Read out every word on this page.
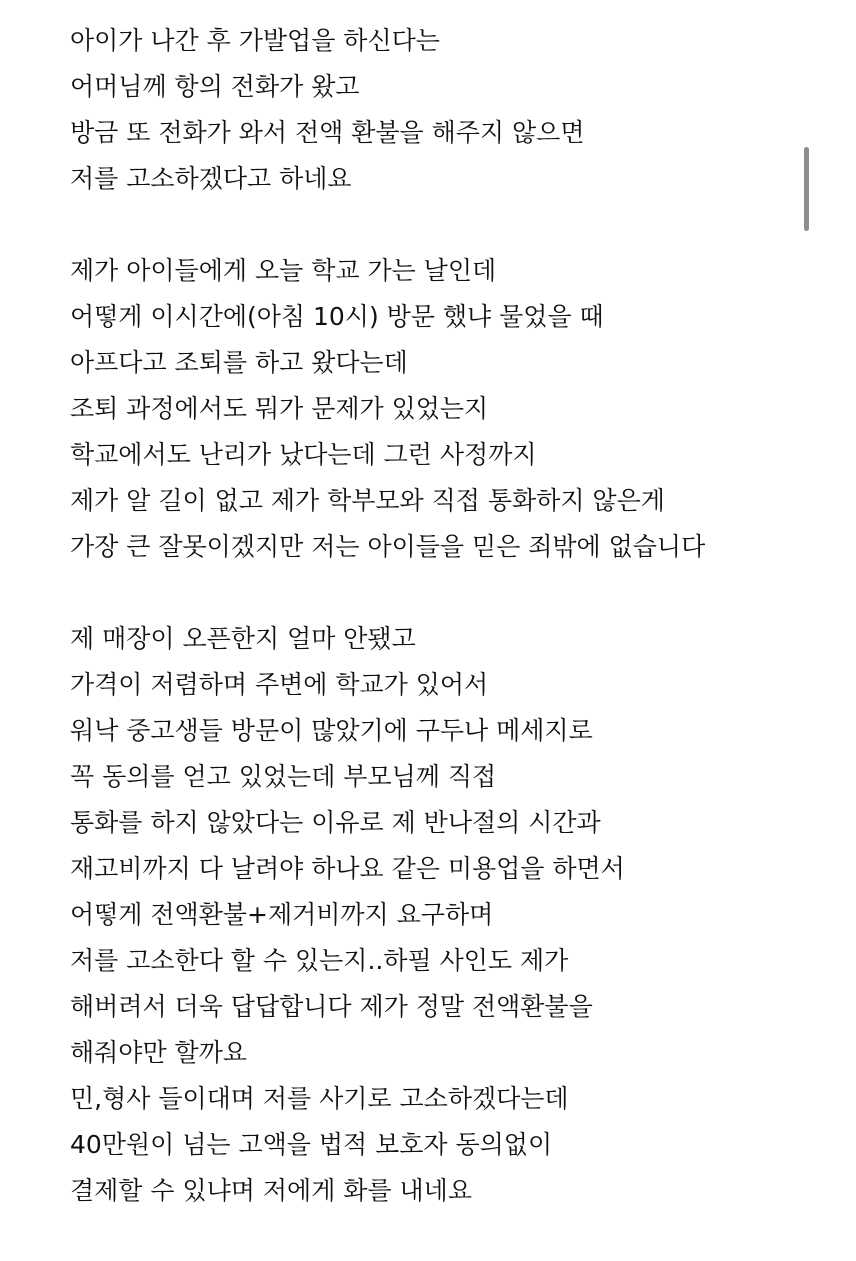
아이가 나간 후 가발업을 하신다는
어머님께 항의 전화가 왔고
방금 또 전화가 와서 전액 환불을 해주지 않으면
저를 고소하겠다고 하네요
제가 아이들에게 오늘 학교 가는 날인데
어떻게 이시간에(아침 10시) 방문 했냐 물었을 때
아프다고 조퇴를 하고 왔다는데
조퇴 과정에서도 뭐가 문제가 있었는지
학교에서도 난리가 났다는데 그런 사정까지
제가 알 길이 없고 제가 학부모와 직접 통화하지 않은게
가장 큰 잘못이겠지만 저는 아이들을 믿은 죄밖에 없습니다
제 매장이 오픈한지 얼마 안됐고
가격이 저렴하며 주변에 학교가 있어서
워낙 중고생들 방문이 많았기에 구두나 메세지로
꼭 동의를 얻고 있었는데 부모님께 직접
통화를 하지 않았다는 이유로 제 반나절의 시간과
재고비까지 다 날려야 하나요 같은 미용업을 하면서
어떻게 전액환불+제거비까지 요구하며
저를 고소한다 할 수 있는지..하필 사인도 제가
해버려서 더욱 답답합니다 제가 정말 전액환불을
해줘야만 할까요
민,형사 들이대며 저를 사기로 고소하겠다는데
40만원이 넘는 고액을 법적 보호자 동의없이
결제할 수 있냐며 저에게 화를 내네요
